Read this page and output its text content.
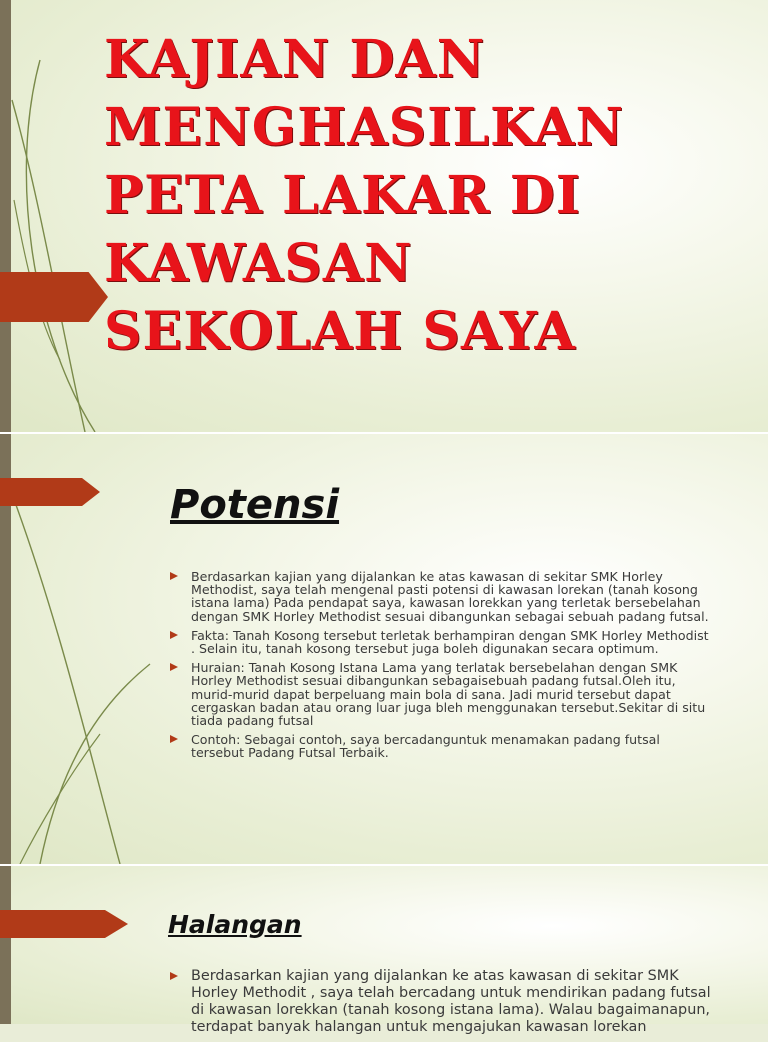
KAJIAN DAN MENGHASILKAN PETA LAKAR DI KAWASAN SEKOLAH SAYA
Potensi
Berdasarkan kajian yang dijalankan ke atas kawasan di sekitar SMK Horley Methodist, saya telah mengenal pasti potensi di kawasan lorekan (tanah kosong istana lama) Pada pendapat saya, kawasan lorekkan yang terletak bersebelahan dengan SMK Horley Methodist sesuai dibangunkan sebagai sebuah padang futsal.
Fakta: Tanah Kosong tersebut terletak berhampiran dengan SMK Horley Methodist . Selain itu, tanah kosong tersebut juga boleh digunakan secara optimum.
Huraian: Tanah Kosong Istana Lama yang terlatak bersebelahan dengan SMK Horley Methodist sesuai dibangunkan sebagaisebuah padang futsal.Oleh itu, murid-murid dapat berpeluang main bola di sana. Jadi murid tersebut dapat cergaskan badan atau orang luar juga bleh menggunakan tersebut.Sekitar di situ tiada padang futsal
Contoh: Sebagai contoh, saya bercadanguntuk menamakan padang futsal tersebut Padang Futsal Terbaik.
Halangan
Berdasarkan kajian yang dijalankan ke atas kawasan di sekitar SMK Horley Methodit , saya telah bercadang untuk mendirikan padang futsal di kawasan lorekkan (tanah kosong istana lama). Walau bagaimanapun, terdapat banyak halangan untuk mengajukan kawasan lorekan
